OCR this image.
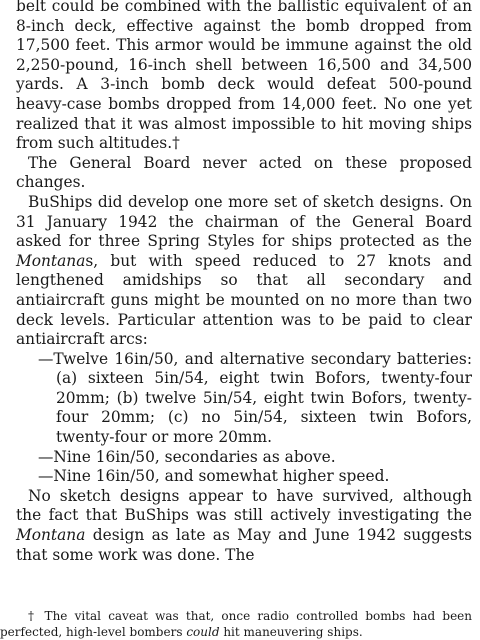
belt could be combined with the ballistic equivalent of an 8-inch deck, effective against the bomb dropped from 17,500 feet. This armor would be immune against the old 2,250-pound, 16-inch shell between 16,500 and 34,500 yards. A 3-inch bomb deck would defeat 500-pound heavy-case bombs dropped from 14,000 feet. No one yet realized that it was almost impossible to hit moving ships from such altitudes.†

The General Board never acted on these proposed changes.

BuShips did develop one more set of sketch designs. On 31 January 1942 the chairman of the General Board asked for three Spring Styles for ships protected as the Montanas, but with speed reduced to 27 knots and lengthened amidships so that all secondary and antiaircraft guns might be mounted on no more than two deck levels. Particular attention was to be paid to clear antiaircraft arcs:

—Twelve 16in/50, and alternative secondary batteries: (a) sixteen 5in/54, eight twin Bofors, twenty-four 20mm; (b) twelve 5in/54, eight twin Bofors, twenty-four 20mm; (c) no 5in/54, sixteen twin Bofors, twenty-four or more 20mm.

—Nine 16in/50, secondaries as above.

—Nine 16in/50, and somewhat higher speed.

No sketch designs appear to have survived, although the fact that BuShips was still actively investigating the Montana design as late as May and June 1942 suggests that some work was done. The

† The vital caveat was that, once radio controlled bombs had been perfected, high-level bombers could hit maneuvering ships.
